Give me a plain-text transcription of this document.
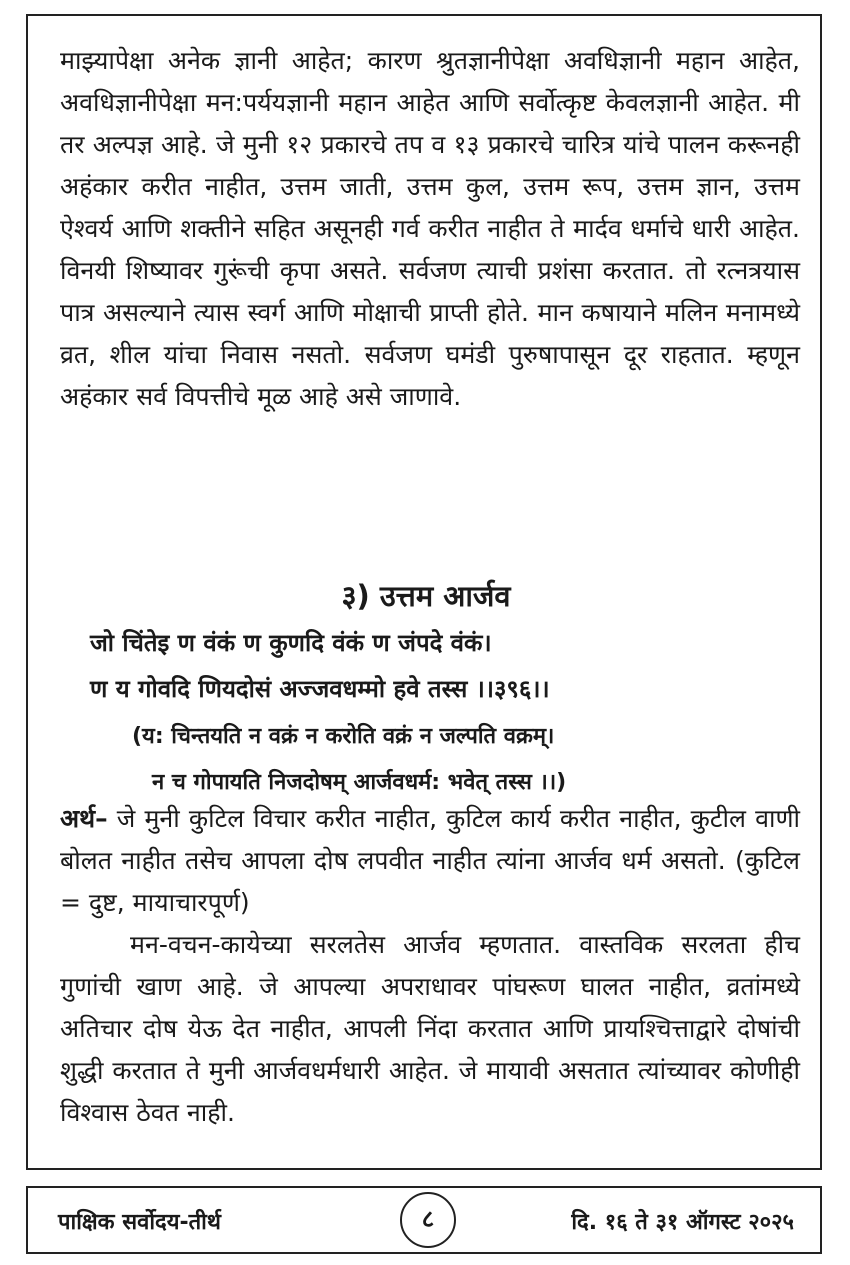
माझ्यापेक्षा अनेक ज्ञानी आहेत; कारण श्रुतज्ञानीपेक्षा अवधिज्ञानी महान आहेत, अवधिज्ञानीपेक्षा मन:पर्ययज्ञानी महान आहेत आणि सर्वोत्कृष्ट केवलज्ञानी आहेत. मी तर अल्पज्ञ आहे. जे मुनी १२ प्रकारचे तप व १३ प्रकारचे चारित्र यांचे पालन करूनही अहंकार करीत नाहीत, उत्तम जाती, उत्तम कुल, उत्तम रूप, उत्तम ज्ञान, उत्तम ऐश्वर्य आणि शक्तीने सहित असूनही गर्व करीत नाहीत ते मार्दव धर्माचे धारी आहेत. विनयी शिष्यावर गुरूंची कृपा असते. सर्वजण त्याची प्रशंसा करतात. तो रत्नत्रयास पात्र असल्याने त्यास स्वर्ग आणि मोक्षाची प्राप्ती होते. मान कषायाने मलिन मनामध्ये व्रत, शील यांचा निवास नसतो. सर्वजण घमंडी पुरुषापासून दूर राहतात. म्हणून अहंकार सर्व विपत्तीचे मूळ आहे असे जाणावे.

३) उत्तम आर्जव

जो चिंतेइ ण वंकं ण कुणदि वंकं ण जंपदे वंकं।

ण य गोवदि णियदोसं अज्जवधम्मो हवे तस्स ।।३९६।।

(य: चिन्तयति न वक्रं न करोति वक्रं न जल्पति वक्रम्।

न च गोपायति निजदोषम् आर्जवधर्म: भवेत् तस्स ।।)

अर्थ– जे मुनी कुटिल विचार करीत नाहीत, कुटिल कार्य करीत नाहीत, कुटील वाणी बोलत नाहीत तसेच आपला दोष लपवीत नाहीत त्यांना आर्जव धर्म असतो. (कुटिल = दुष्ट, मायाचारपूर्ण)

मन-वचन-कायेच्या सरलतेस आर्जव म्हणतात. वास्तविक सरलता हीच गुणांची खाण आहे. जे आपल्या अपराधावर पांघरूण घालत नाहीत, व्रतांमध्ये अतिचार दोष येऊ देत नाहीत, आपली निंदा करतात आणि प्रायश्चित्ताद्वारे दोषांची शुद्धी करतात ते मुनी आर्जवधर्मधारी आहेत. जे मायावी असतात त्यांच्यावर कोणीही विश्वास ठेवत नाही.

पाक्षिक सर्वोदय-तीर्थ	८	दि. १६ ते ३१ ऑगस्ट २०२५
